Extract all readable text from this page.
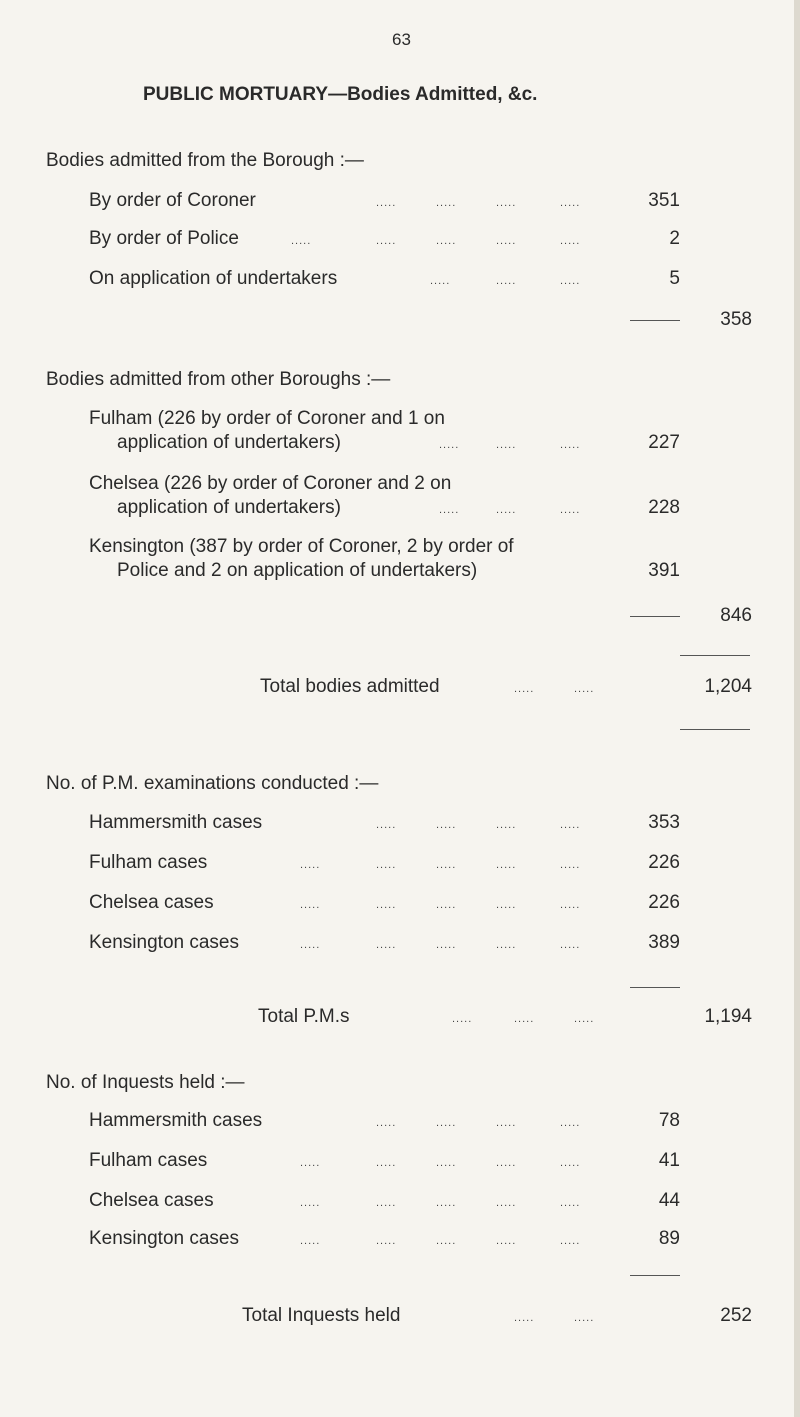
63
PUBLIC MORTUARY—Bodies Admitted, &c.
Bodies admitted from the Borough :—
By order of Coroner	.....	.....	.....	.....	351
By order of Police	.....	.....	.....	.....	.....	2
On application of undertakers	.....	.....	.....	5
358
Bodies admitted from other Boroughs :—
Fulham (226 by order of Coroner and 1 on
application of undertakers)	.....	.....	.....	227
Chelsea (226 by order of Coroner and 2 on
application of undertakers)	.....	.....	.....	228
Kensington (387 by order of Coroner, 2 by order of
Police and 2 on application of undertakers)	391
846
Total bodies admitted	.....	.....	1,204
No. of P.M. examinations conducted :—
Hammersmith cases	.....	.....	.....	.....	353
Fulham cases	.....	.....	.....	.....	.....	226
Chelsea cases	.....	.....	.....	.....	.....	226
Kensington cases	.....	.....	.....	.....	.....	389
Total P.M.s	.....	.....	.....	1,194
No. of Inquests held :—
Hammersmith cases	.....	.....	.....	.....	78
Fulham cases	.....	.....	.....	.....	.....	41
Chelsea cases	.....	.....	.....	.....	.....	44
Kensington cases	.....	.....	.....	.....	.....	89
Total Inquests held	.....	.....	252
